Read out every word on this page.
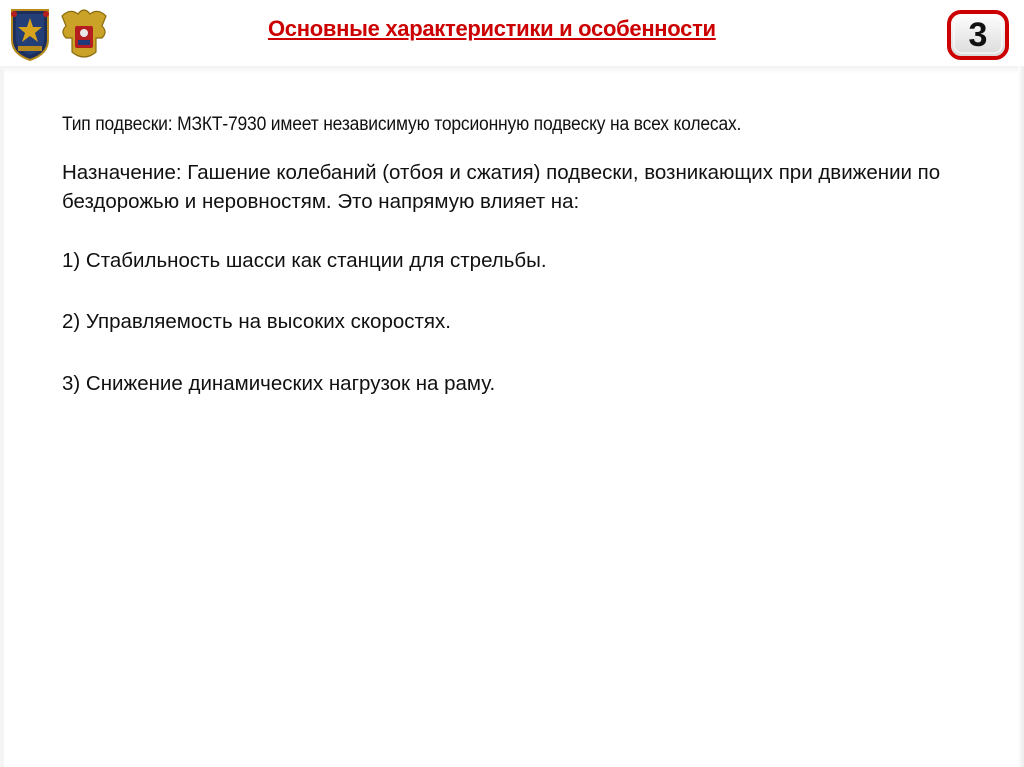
Основные характеристики и особенности	3
Тип подвески: МЗКТ-7930 имеет независимую торсионную подвеску на всех колесах.
Назначение: Гашение колебаний (отбоя и сжатия) подвески, возникающих при движении по бездорожью и неровностям. Это напрямую влияет на:
1) Стабильность шасси как станции для стрельбы.
2) Управляемость на высоких скоростях.
3) Снижение динамических нагрузок на раму.
